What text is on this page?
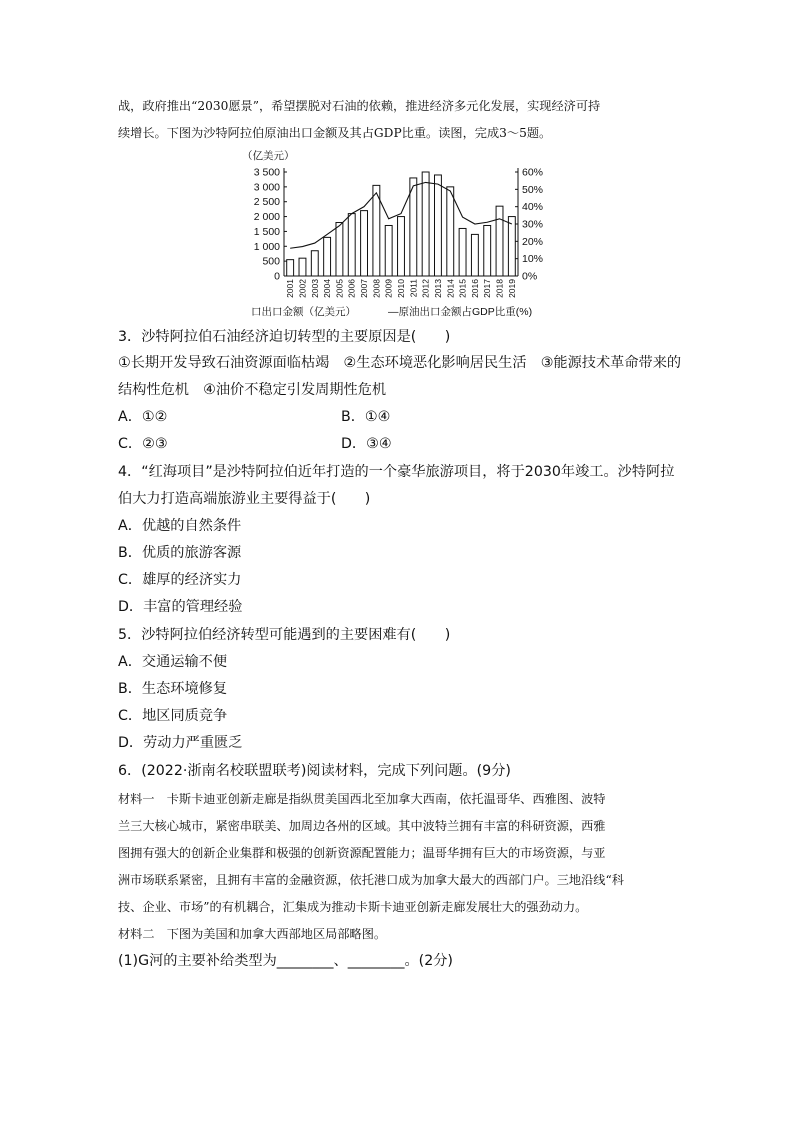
战，政府推出“2030愿景”，希望摆脱对石油的依赖，推进经济多元化发展，实现经济可持
续增长。下图为沙特阿拉伯原油出口金额及其占GDP比重。读图，完成3～5题。
（亿美元）
0
500
1 000
1 500
2 000
2 500
3 000
3 500
0%
10%
20%
30%
40%
50%
60%
2001 2002 2003 2004 2005 2006 2007 2008 2009 2010 2011 2012 2013 2014 2015 2016 2017 2018 2019
口出口金额（亿美元）	—原油出口金额占GDP比重(%)
3．沙特阿拉伯石油经济迫切转型的主要原因是(　　)
①长期开发导致石油资源面临枯竭　②生态环境恶化影响居民生活　③能源技术革命带来的
结构性危机　④油价不稳定引发周期性危机
A．①②	B．①④
C．②③	D．③④
4．“红海项目”是沙特阿拉伯近年打造的一个豪华旅游项目，将于2030年竣工。沙特阿拉
伯大力打造高端旅游业主要得益于(　　)
A．优越的自然条件
B．优质的旅游客源
C．雄厚的经济实力
D．丰富的管理经验
5．沙特阿拉伯经济转型可能遇到的主要困难有(　　)
A．交通运输不便
B．生态环境修复
C．地区同质竞争
D．劳动力严重匮乏
6．(2022·浙南名校联盟联考)阅读材料，完成下列问题。(9分)
材料一　卡斯卡迪亚创新走廊是指纵贯美国西北至加拿大西南，依托温哥华、西雅图、波特
兰三大核心城市，紧密串联美、加周边各州的区域。其中波特兰拥有丰富的科研资源，西雅
图拥有强大的创新企业集群和极强的创新资源配置能力；温哥华拥有巨大的市场资源，与亚
洲市场联系紧密，且拥有丰富的金融资源，依托港口成为加拿大最大的西部门户。三地沿线“科
技、企业、市场”的有机耦合，汇集成为推动卡斯卡迪亚创新走廊发展壮大的强劲动力。
材料二　下图为美国和加拿大西部地区局部略图。
(1)G河的主要补给类型为________、________。(2分)
